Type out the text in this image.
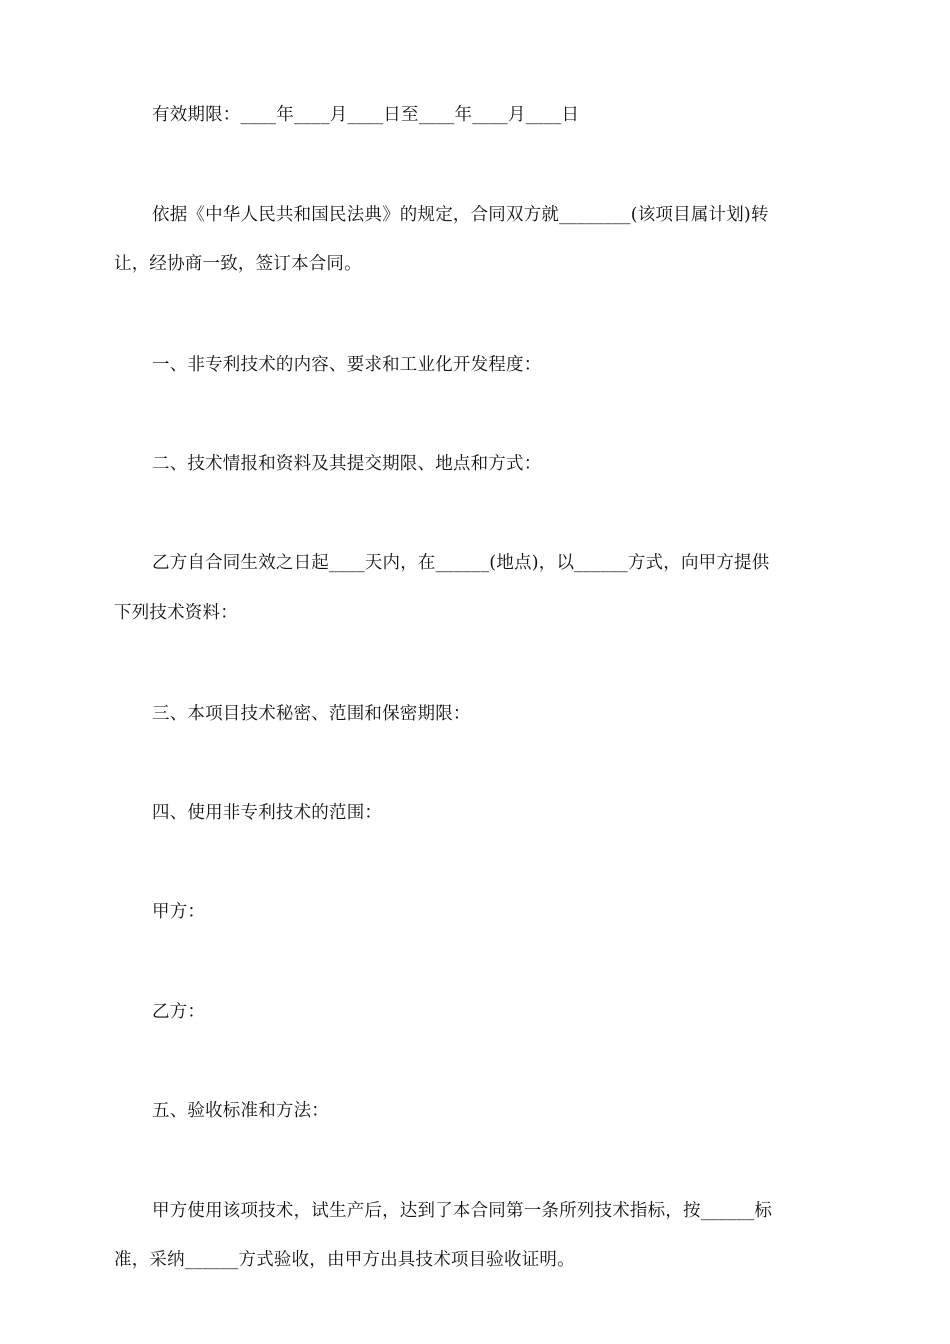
有效期限：____年____月____日至____年____月____日
依据《中华人民共和国民法典》的规定，合同双方就________(该项目属计划)转
让，经协商一致，签订本合同。
一、非专利技术的内容、要求和工业化开发程度：
二、技术情报和资料及其提交期限、地点和方式：
乙方自合同生效之日起____天内，在______(地点)，以______方式，向甲方提供
下列技术资料：
三、本项目技术秘密、范围和保密期限：
四、使用非专利技术的范围：
甲方：
乙方：
五、验收标准和方法：
甲方使用该项技术，试生产后，达到了本合同第一条所列技术指标，按______标
准，采纳______方式验收，由甲方出具技术项目验收证明。
